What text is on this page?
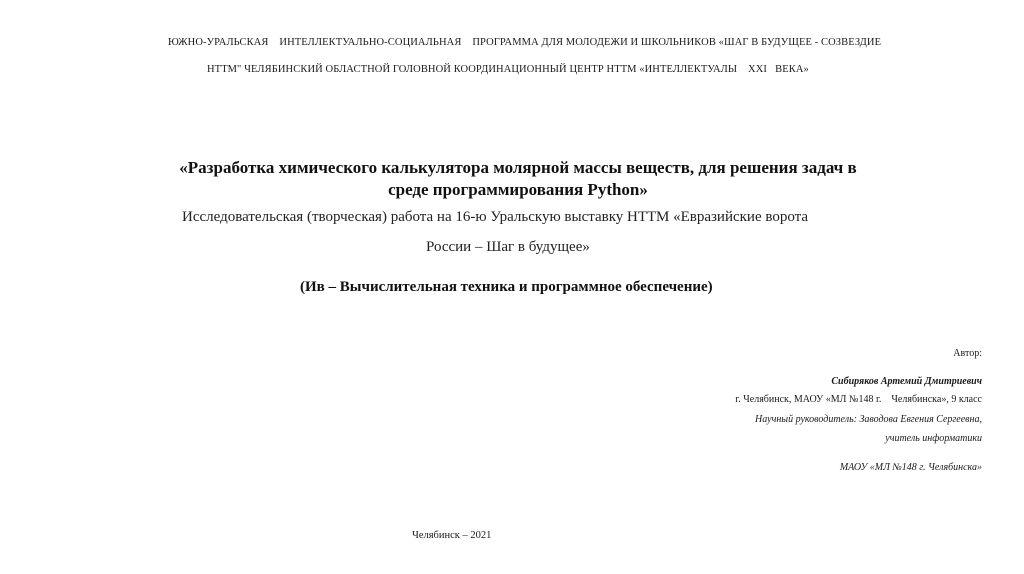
ЮЖНО-УРАЛЬСКАЯ    ИНТЕЛЛЕКТУАЛЬНО-СОЦИАЛЬНАЯ    ПРОГРАММА ДЛЯ МОЛОДЕЖИ И ШКОЛЬНИКОВ «ШАГ В БУДУЩЕЕ - СОЗВЕЗДИЕ
НТТМ" ЧЕЛЯБИНСКИЙ ОБЛАСТНОЙ ГОЛОВНОЙ КООРДИНАЦИОННЫЙ ЦЕНТР НТТМ «ИНТЕЛЛЕКТУАЛЫ    XXI   ВЕКА»
«Разработка химического калькулятора молярной массы веществ, для решения задач в
среде программирования Python»
Исследовательская (творческая) работа на 16-ю Уральскую выставку НТТМ «Евразийские ворота
России – Шаг в будущее»
(Ив – Вычислительная техника и программное обеспечение)
Автор:
Сибиряков Артемий Дмитриевич
г. Челябинск, МАОУ «МЛ №148 г.    Челябинска», 9 класс
Научный руководитель: Заводова Евгения Сергеевна,
учитель информатики
МАОУ «МЛ №148 г. Челябинска»
Челябинск – 2021
